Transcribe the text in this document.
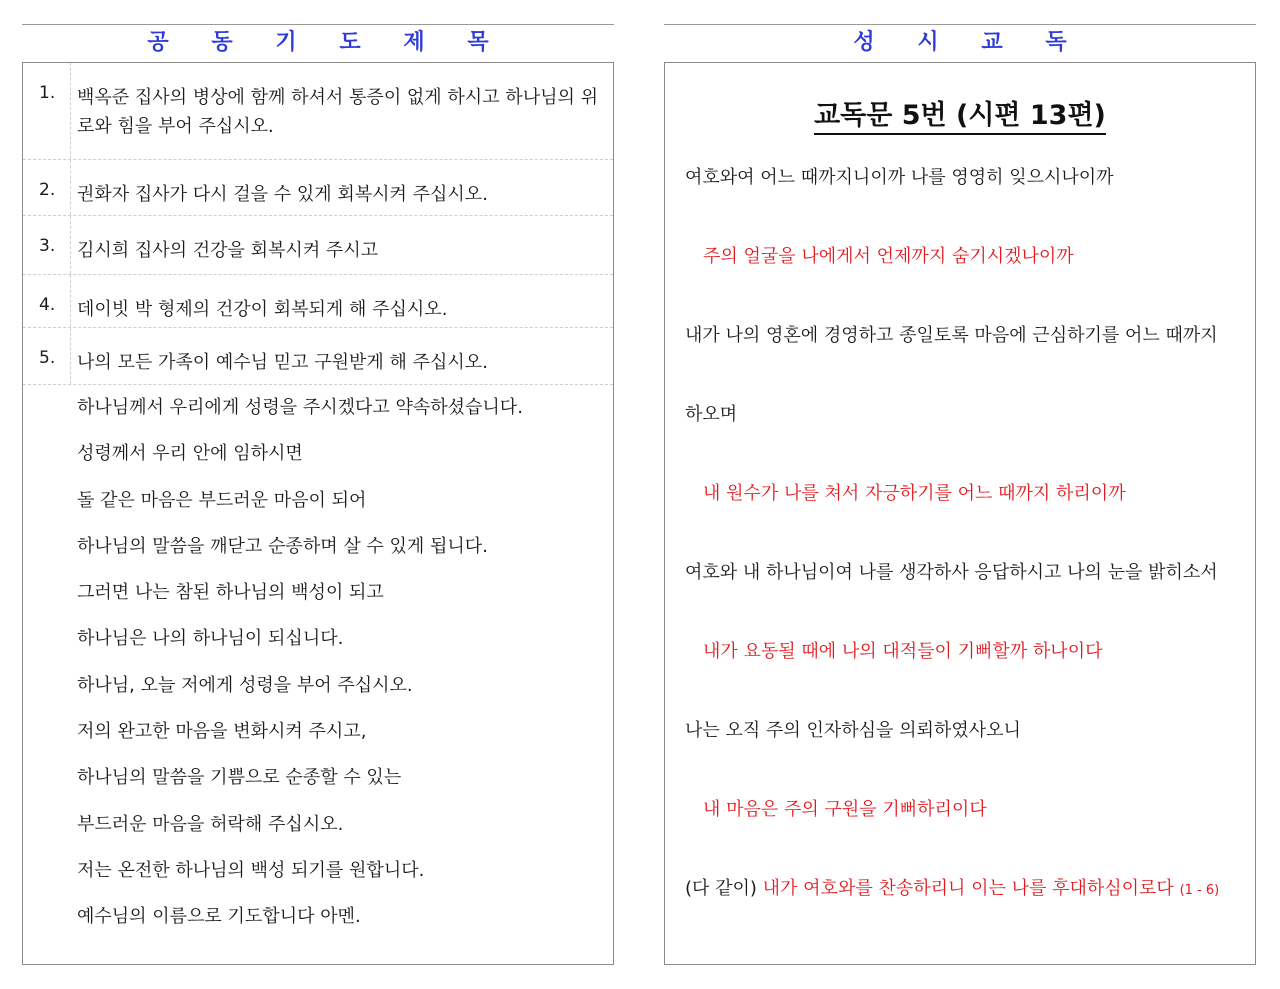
공	동	기	도	제	목	성	시	교	독
1.	백옥준 집사의 병상에 함께 하셔서 통증이 없게 하시고 하나님의 위로와 힘을 부어 주십시오.
2.	권화자 집사가 다시 걸을 수 있게 회복시켜 주십시오.
3.	김시희 집사의 건강을 회복시켜 주시고
4.	데이빗 박 형제의 건강이 회복되게 해 주십시오.
5.	나의 모든 가족이 예수님 믿고 구원받게 해 주십시오.
하나님께서 우리에게 성령을 주시겠다고 약속하셨습니다.
성령께서 우리 안에 임하시면
돌 같은 마음은 부드러운 마음이 되어
하나님의 말씀을 깨닫고 순종하며 살 수 있게 됩니다.
그러면 나는 참된 하나님의 백성이 되고
하나님은 나의 하나님이 되십니다.
하나님, 오늘 저에게 성령을 부어 주십시오.
저의 완고한 마음을 변화시켜 주시고,
하나님의 말씀을 기쁨으로 순종할 수 있는
부드러운 마음을 허락해 주십시오.
저는 온전한 하나님의 백성 되기를 원합니다.
예수님의 이름으로 기도합니다 아멘.
교독문 5번 (시편 13편)
여호와여 어느 때까지니이까 나를 영영히 잊으시나이까
주의 얼굴을 나에게서 언제까지 숨기시겠나이까
내가 나의 영혼에 경영하고 종일토록 마음에 근심하기를 어느 때까지
하오며
내 원수가 나를 쳐서 자긍하기를 어느 때까지 하리이까
여호와 내 하나님이여 나를 생각하사 응답하시고 나의 눈을 밝히소서
내가 요동될 때에 나의 대적들이 기뻐할까 하나이다
나는 오직 주의 인자하심을 의뢰하였사오니
내 마음은 주의 구원을 기뻐하리이다
(다 같이) 내가 여호와를 찬송하리니 이는 나를 후대하심이로다 (1 - 6)
